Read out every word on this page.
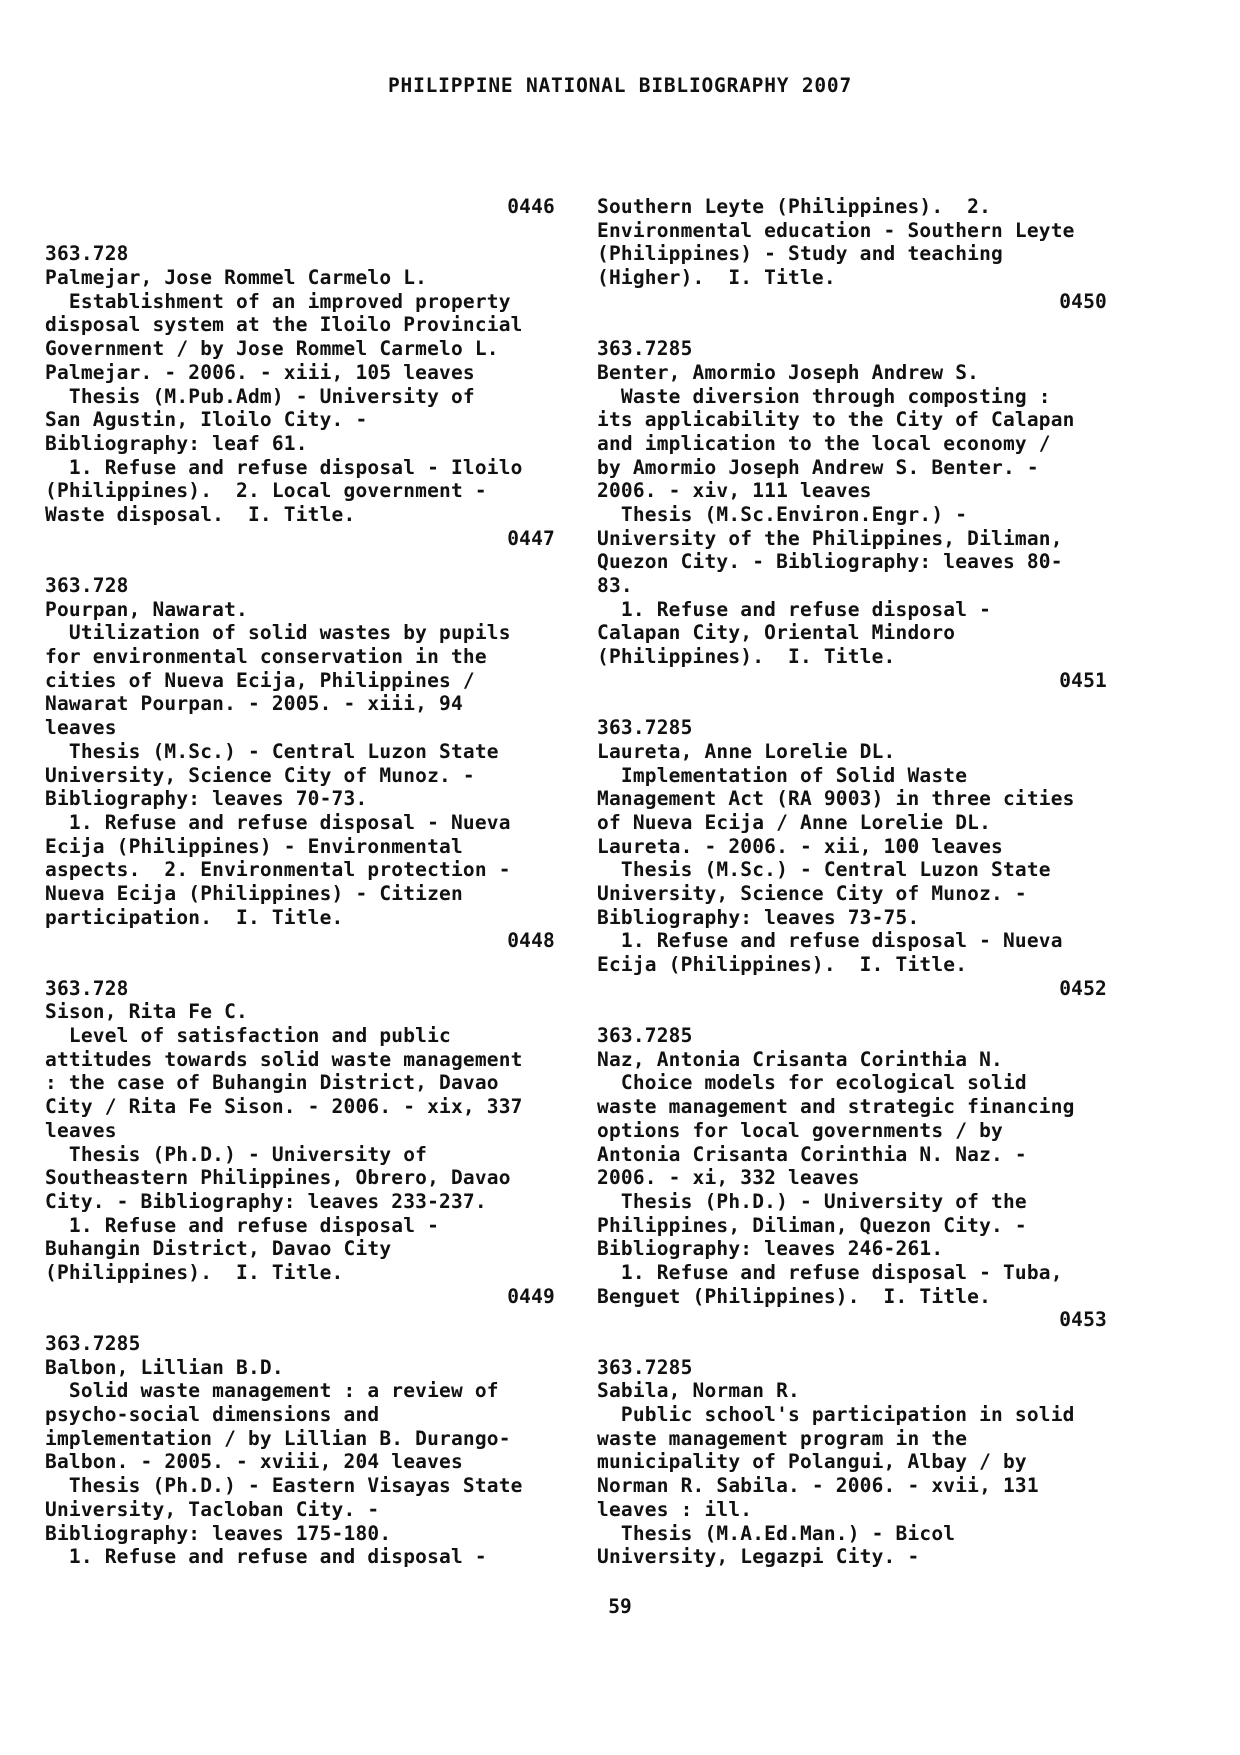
PHILIPPINE NATIONAL BIBLIOGRAPHY 2007
0446
363.728
Palmejar, Jose Rommel Carmelo L.
Establishment of an improved property
disposal system at the Iloilo Provincial
Government / by Jose Rommel Carmelo L.
Palmejar. - 2006. - xiii, 105 leaves
Thesis (M.Pub.Adm) - University of
San Agustin, Iloilo City. -
Bibliography: leaf 61.
1. Refuse and refuse disposal - Iloilo
(Philippines).  2. Local government -
Waste disposal.  I. Title.
0447
363.728
Pourpan, Nawarat.
Utilization of solid wastes by pupils
for environmental conservation in the
cities of Nueva Ecija, Philippines /
Nawarat Pourpan. - 2005. - xiii, 94
leaves
Thesis (M.Sc.) - Central Luzon State
University, Science City of Munoz. -
Bibliography: leaves 70-73.
1. Refuse and refuse disposal - Nueva
Ecija (Philippines) - Environmental
aspects.  2. Environmental protection -
Nueva Ecija (Philippines) - Citizen
participation.  I. Title.
0448
363.728
Sison, Rita Fe C.
Level of satisfaction and public
attitudes towards solid waste management
: the case of Buhangin District, Davao
City / Rita Fe Sison. - 2006. - xix, 337
leaves
Thesis (Ph.D.) - University of
Southeastern Philippines, Obrero, Davao
City. - Bibliography: leaves 233-237.
1. Refuse and refuse disposal -
Buhangin District, Davao City
(Philippines).  I. Title.
0449
363.7285
Balbon, Lillian B.D.
Solid waste management : a review of
psycho-social dimensions and
implementation / by Lillian B. Durango-
Balbon. - 2005. - xviii, 204 leaves
Thesis (Ph.D.) - Eastern Visayas State
University, Tacloban City. -
Bibliography: leaves 175-180.
1. Refuse and refuse and disposal -
Southern Leyte (Philippines).  2.
Environmental education - Southern Leyte
(Philippines) - Study and teaching
(Higher).  I. Title.
0450
363.7285
Benter, Amormio Joseph Andrew S.
Waste diversion through composting :
its applicability to the City of Calapan
and implication to the local economy /
by Amormio Joseph Andrew S. Benter. -
2006. - xiv, 111 leaves
Thesis (M.Sc.Environ.Engr.) -
University of the Philippines, Diliman,
Quezon City. - Bibliography: leaves 80-
83.
1. Refuse and refuse disposal -
Calapan City, Oriental Mindoro
(Philippines).  I. Title.
0451
363.7285
Laureta, Anne Lorelie DL.
Implementation of Solid Waste
Management Act (RA 9003) in three cities
of Nueva Ecija / Anne Lorelie DL.
Laureta. - 2006. - xii, 100 leaves
Thesis (M.Sc.) - Central Luzon State
University, Science City of Munoz. -
Bibliography: leaves 73-75.
1. Refuse and refuse disposal - Nueva
Ecija (Philippines).  I. Title.
0452
363.7285
Naz, Antonia Crisanta Corinthia N.
Choice models for ecological solid
waste management and strategic financing
options for local governments / by
Antonia Crisanta Corinthia N. Naz. -
2006. - xi, 332 leaves
Thesis (Ph.D.) - University of the
Philippines, Diliman, Quezon City. -
Bibliography: leaves 246-261.
1. Refuse and refuse disposal - Tuba,
Benguet (Philippines).  I. Title.
0453
363.7285
Sabila, Norman R.
Public school's participation in solid
waste management program in the
municipality of Polangui, Albay / by
Norman R. Sabila. - 2006. - xvii, 131
leaves : ill.
Thesis (M.A.Ed.Man.) - Bicol
University, Legazpi City. -
59
